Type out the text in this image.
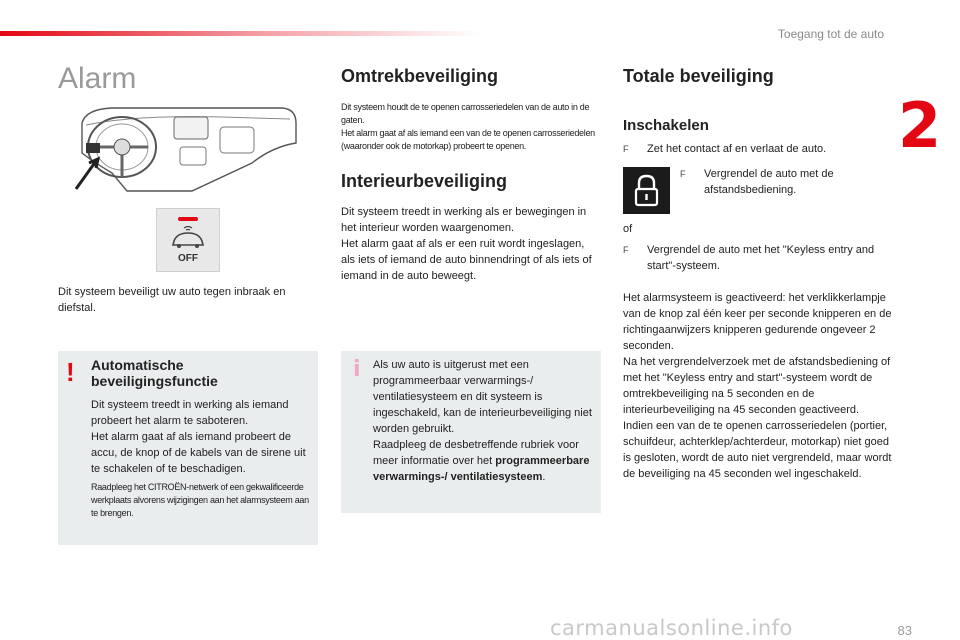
Toegang tot de auto
2
Alarm
OFF

Dit systeem beveiligt uw auto tegen inbraak en diefstal.

! Automatische beveiligingsfunctie

Dit systeem treedt in werking als iemand probeert het alarm te saboteren.
Het alarm gaat af als iemand probeert de accu, de knop of de kabels van de sirene uit te schakelen of te beschadigen.

Raadpleeg het CITROËN-netwerk of een gekwalificeerde werkplaats alvorens wijzigingen aan het alarmsysteem aan te brengen.

Omtrekbeveiliging

Dit systeem houdt de te openen carrosseriedelen van de auto in de gaten.
Het alarm gaat af als iemand een van de te openen carrosseriedelen (waaronder ook de motorkap) probeert te openen.

Interieurbeveiliging

Dit systeem treedt in werking als er bewegingen in het interieur worden waargenomen.
Het alarm gaat af als er een ruit wordt ingeslagen, als iets of iemand de auto binnendringt of als iets of iemand in de auto beweegt.

i Als uw auto is uitgerust met een programmeerbaar verwarmings-/ ventilatiesysteem en dit systeem is ingeschakeld, kan de interieurbeveiliging niet worden gebruikt.
Raadpleeg de desbetreffende rubriek voor meer informatie over het programmeerbare verwarmings-/ ventilatiesysteem.

Totale beveiliging
Inschakelen
F Zet het contact af en verlaat de auto.
F Vergrendel de auto met de afstandsbediening.
of
F Vergrendel de auto met het "Keyless entry and start"-systeem.

Het alarmsysteem is geactiveerd: het verklikkerlampje van de knop zal één keer per seconde knipperen en de richtingaanwijzers knipperen gedurende ongeveer 2 seconden.
Na het vergrendelverzoek met de afstandsbediening of met het "Keyless entry and start"-systeem wordt de omtrekbeveiliging na 5 seconden en de interieurbeveiliging na 45 seconden geactiveerd.
Indien een van de te openen carrosseriedelen (portier, schuifdeur, achterklep/achterdeur, motorkap) niet goed is gesloten, wordt de auto niet vergrendeld, maar wordt de beveiliging na 45 seconden wel ingeschakeld.

83
carmanualsonline.info
